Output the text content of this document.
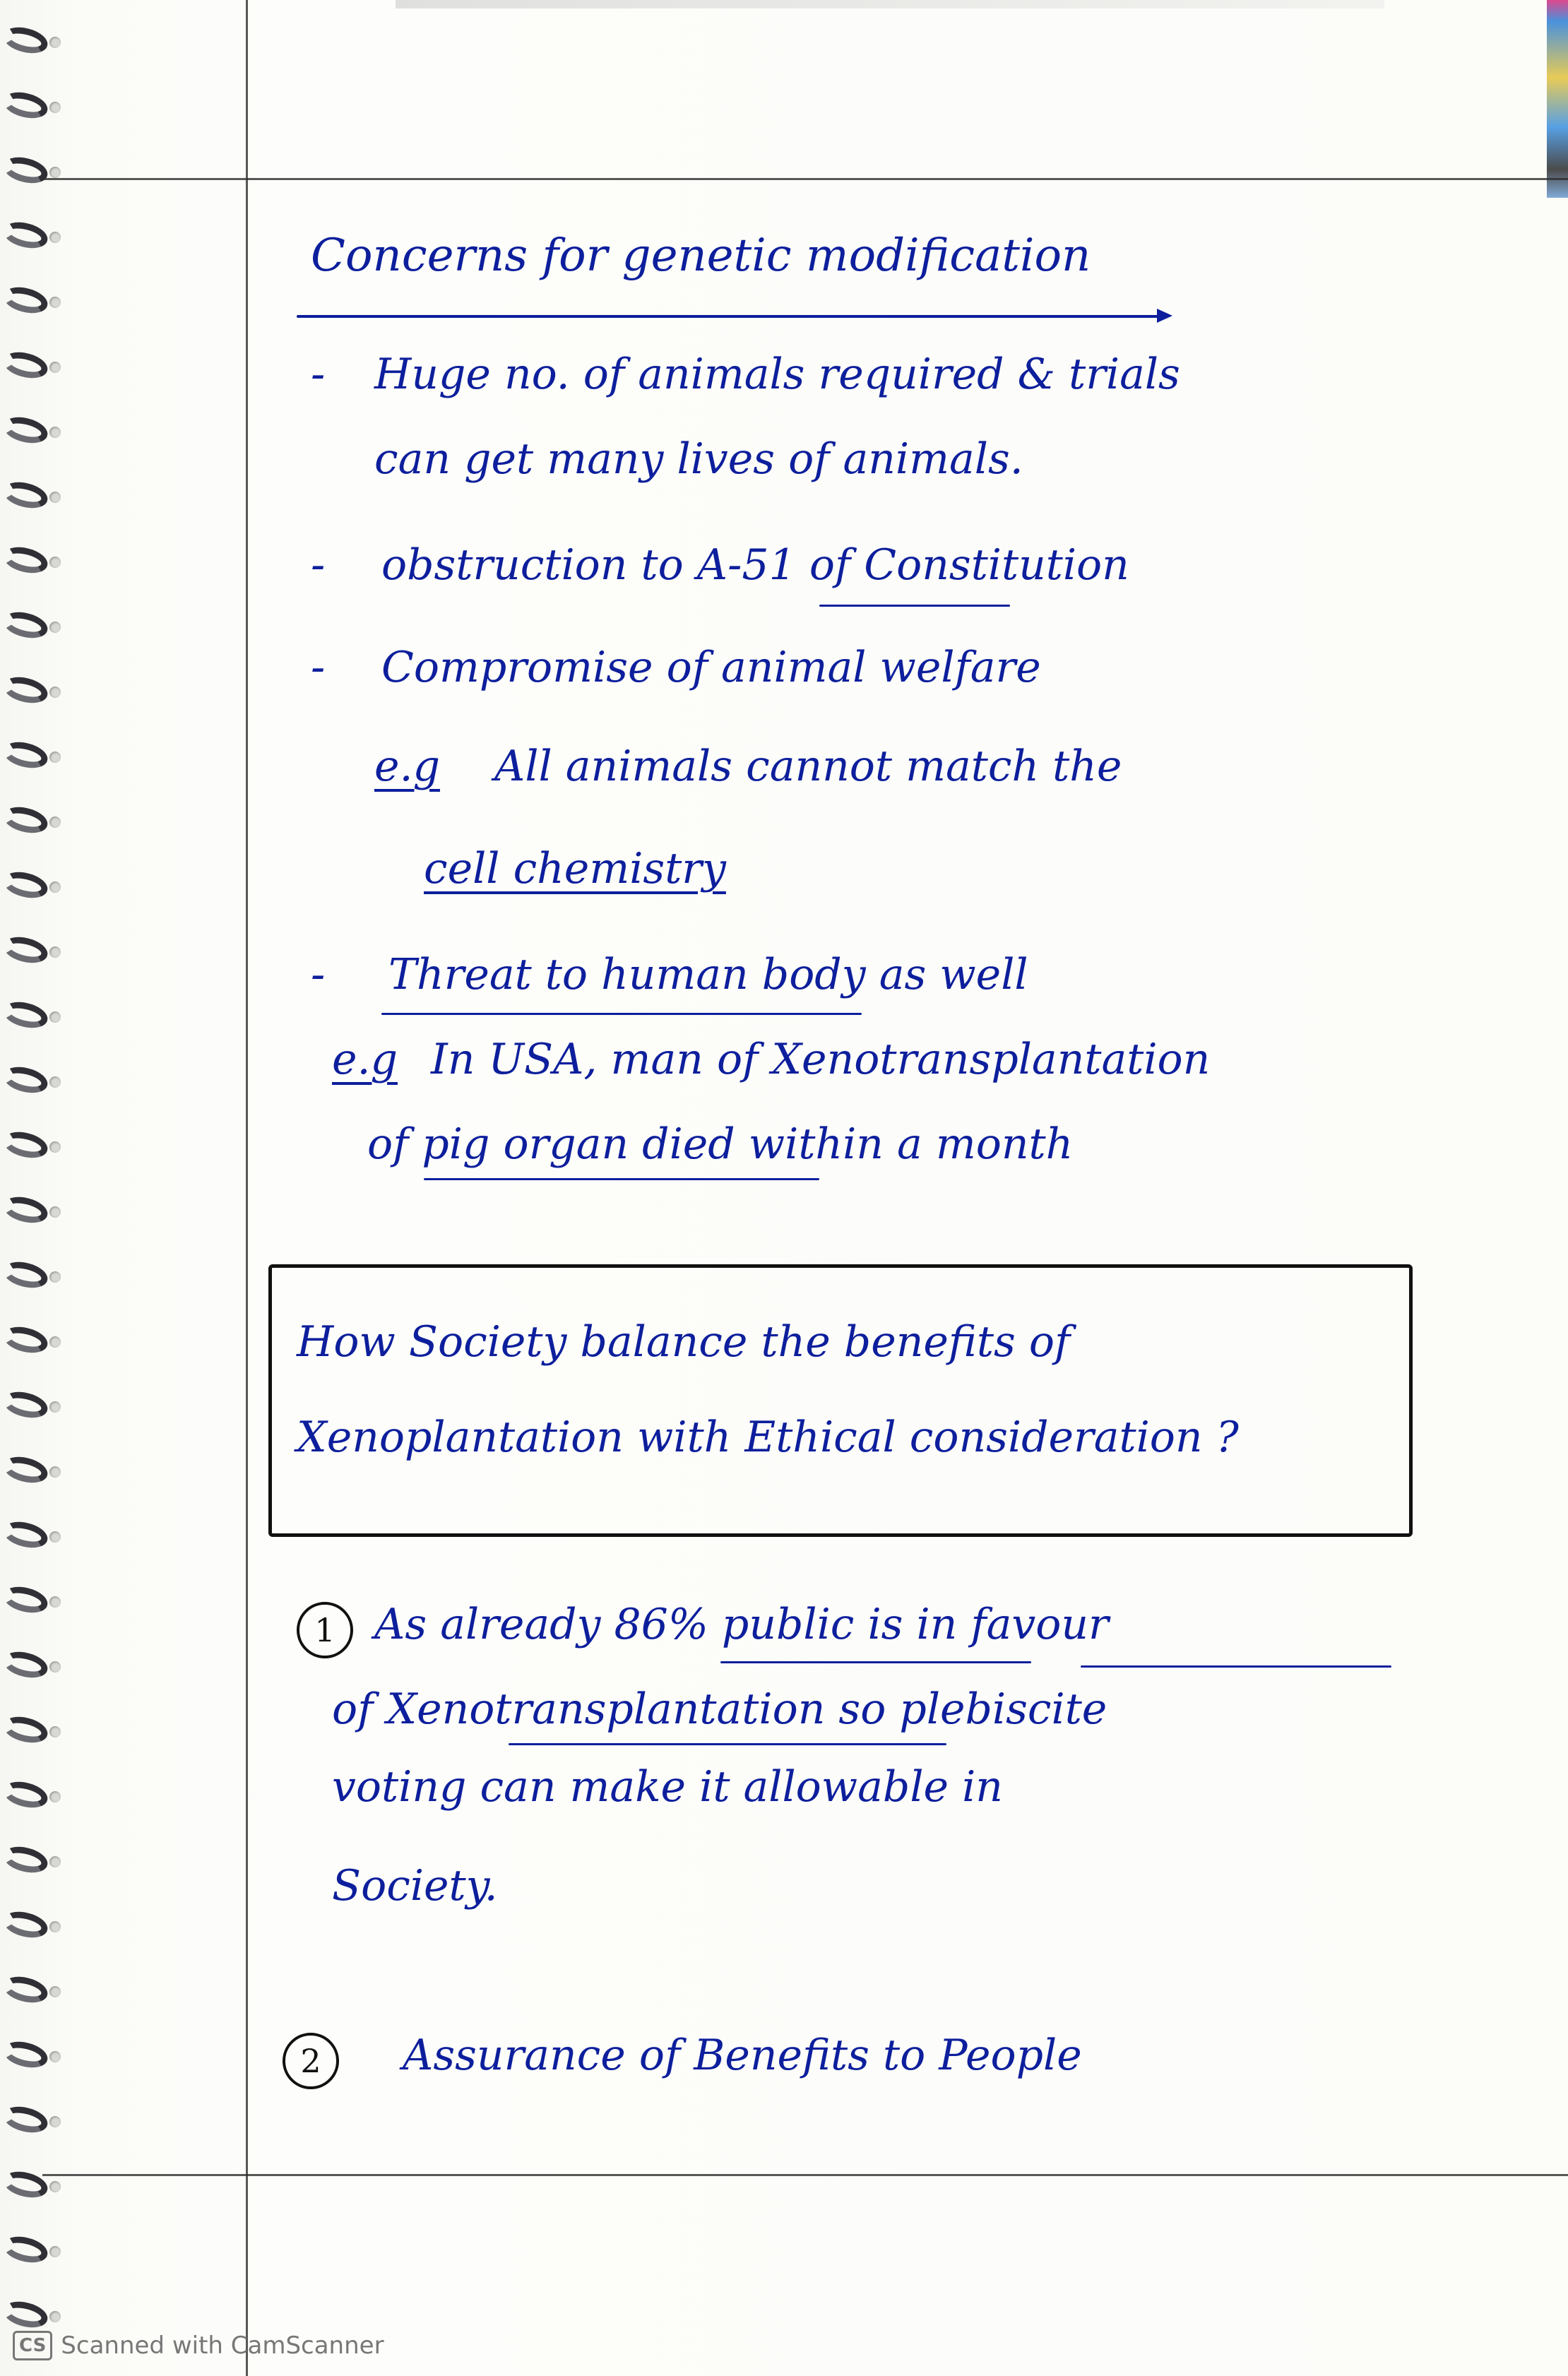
Concerns for genetic modification
- Huge no. of animals required & trials
can get many lives of animals.
- obstruction to A-51 of Constitution
- Compromise of animal welfare
e.g All animals cannot match the
cell chemistry
- Threat to human body as well
e.g In USA, man of Xenotransplantation
of pig organ died within a month
How Society balance the benefits of
Xenoplantation with Ethical consideration ?
1 As already 86% public is in favour
of Xenotransplantation so plebiscite
voting can make it allowable in
Society.
2	Assurance of Benefits to People
CS Scanned with CamScanner
